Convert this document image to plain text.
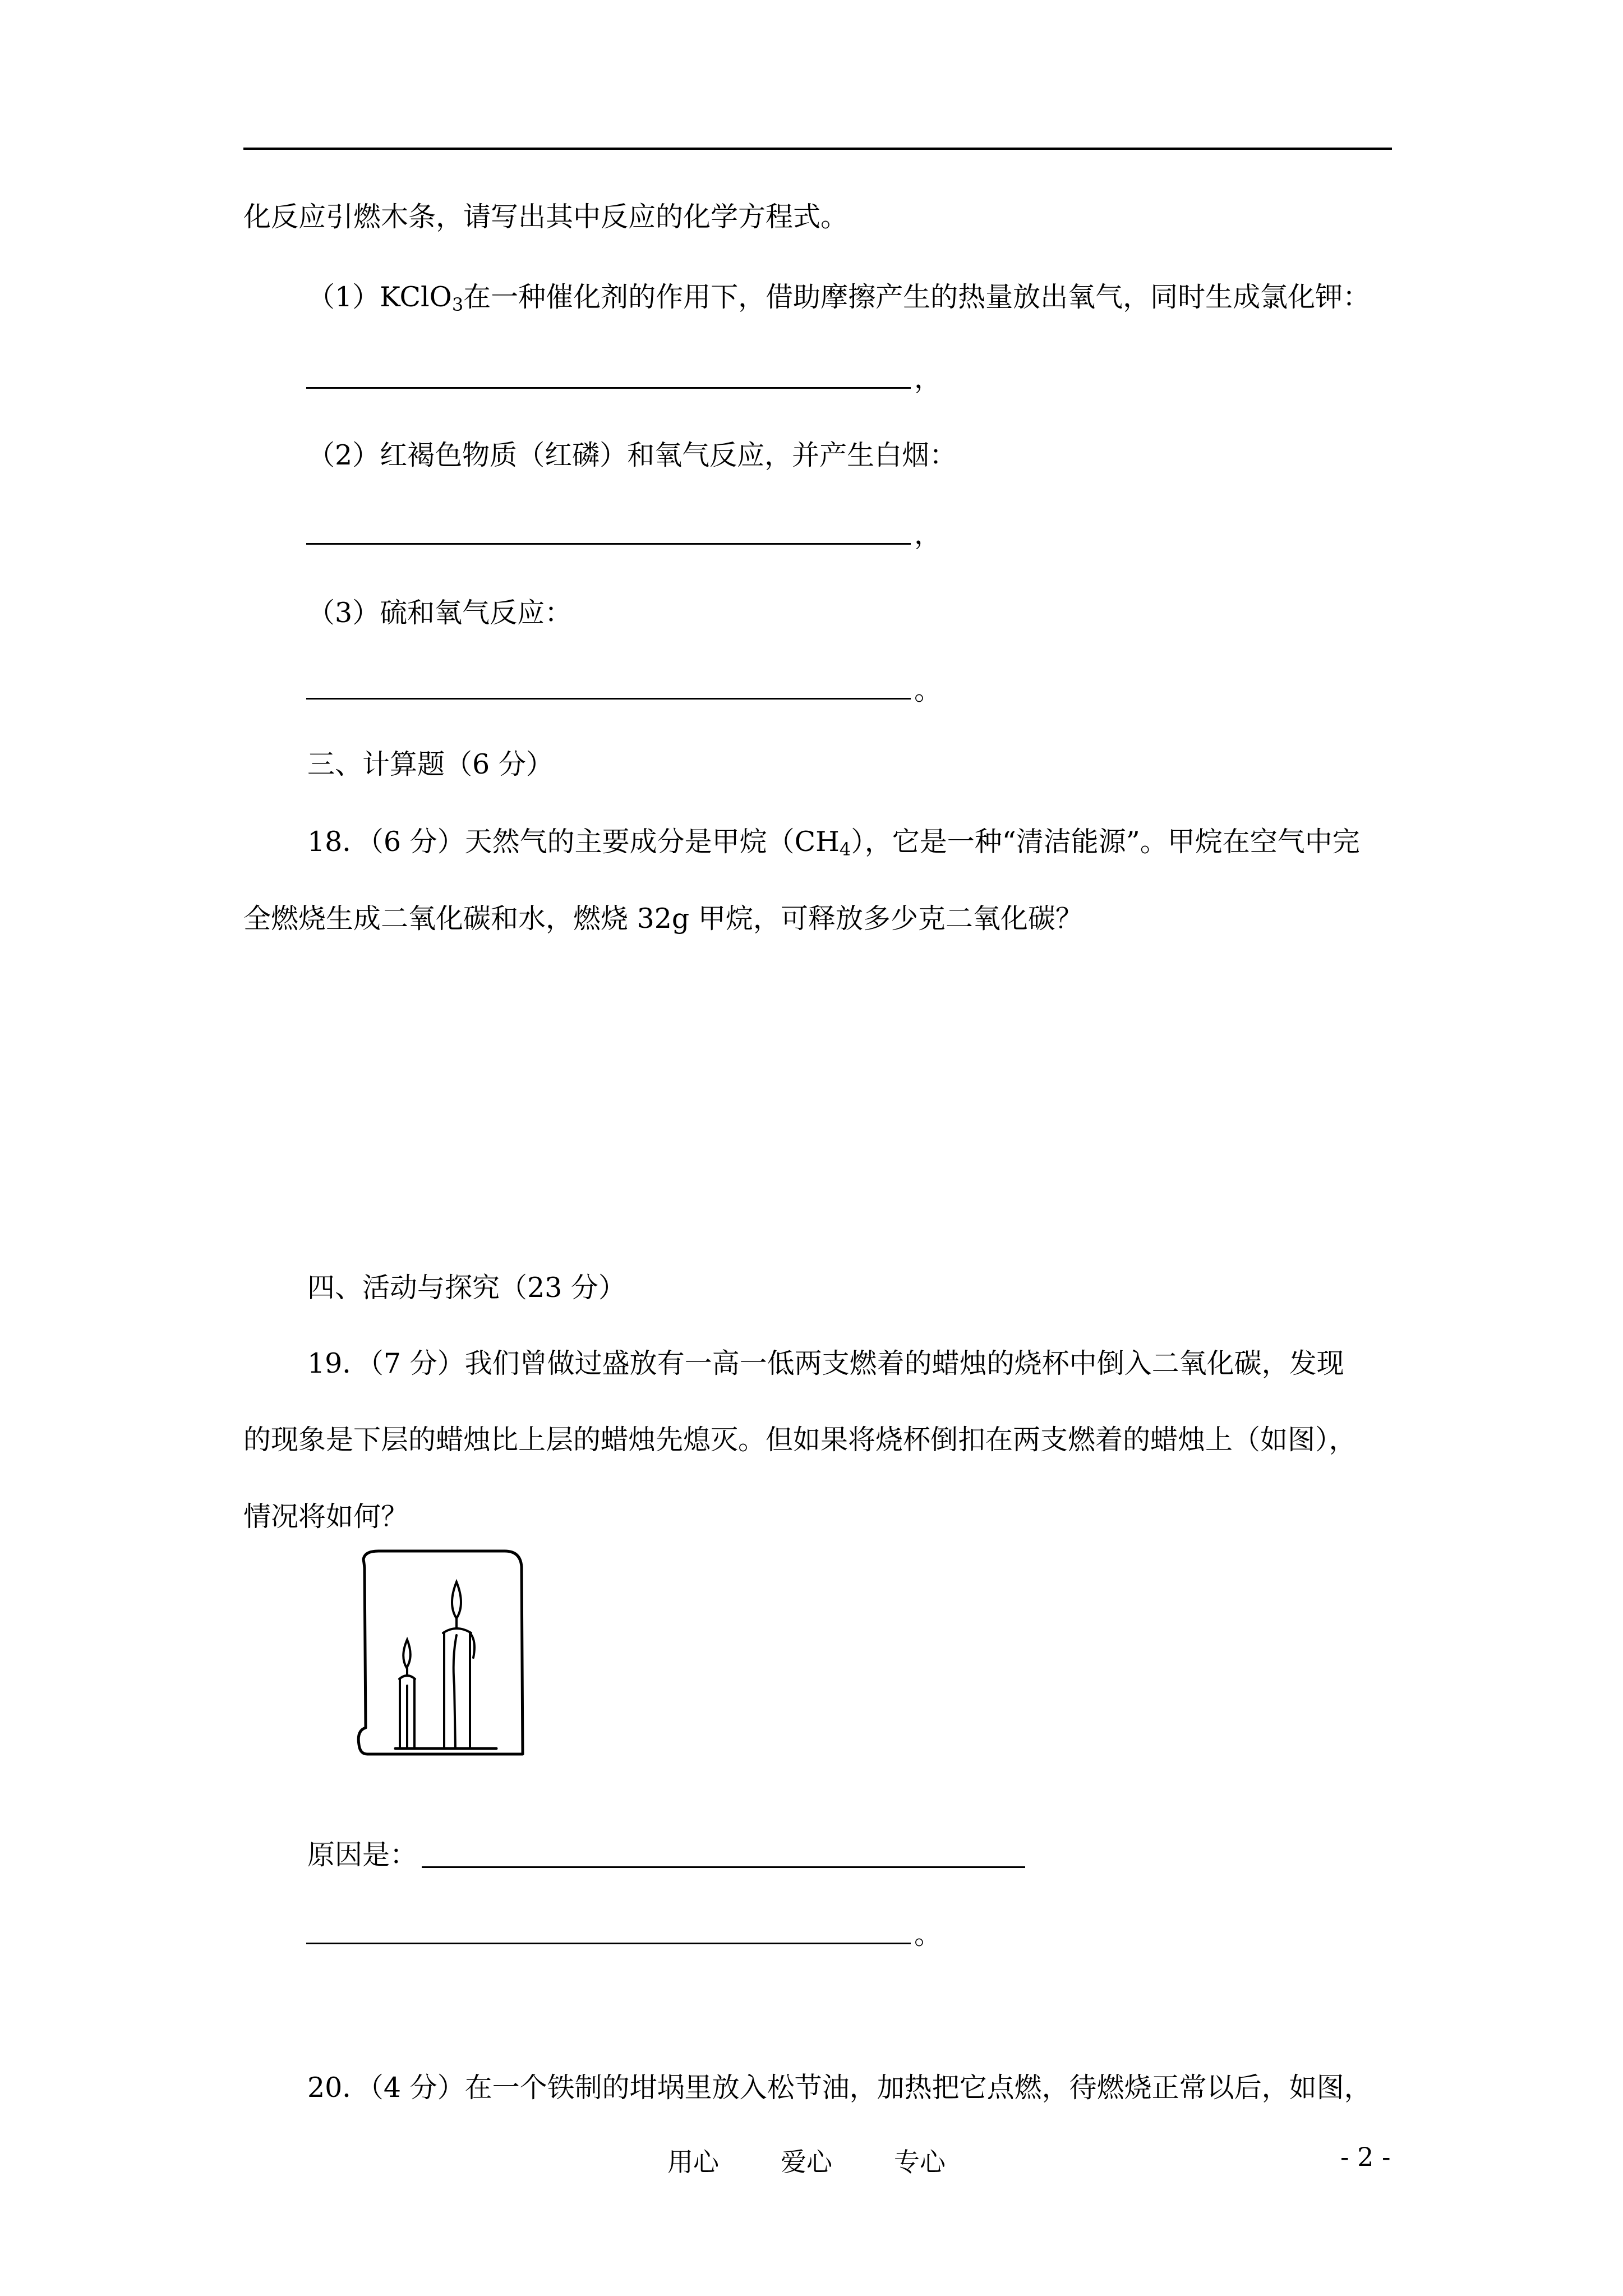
化反应引燃木条，请写出其中反应的化学方程式。
（1）KClO$_3$在一种催化剂的作用下，借助摩擦产生的热量放出氧气，同时生成氯化钾：
，
（2）红褐色物质（红磷）和氧气反应，并产生白烟：
，
（3）硫和氧气反应：
。
三、计算题（6 分）
18．（6 分）天然气的主要成分是甲烷$(CH_4)$，它是一种“清洁能源”。甲烷在空气中完
全燃烧生成二氧化碳和水，燃烧 32g 甲烷，可释放多少克二氧化碳？
四、活动与探究（23 分）
19．（7 分）我们曾做过盛放有一高一低两支燃着的蜡烛的烧杯中倒入二氧化碳，发现
的现象是下层的蜡烛比上层的蜡烛先熄灭。但如果将烧杯倒扣在两支燃着的蜡烛上（如图），
情况将如何？
原因是：
。
20．（4 分）在一个铁制的坩埚里放入松节油，加热把它点燃，待燃烧正常以后，如图，
用心 爱心 专心	- 2 -
